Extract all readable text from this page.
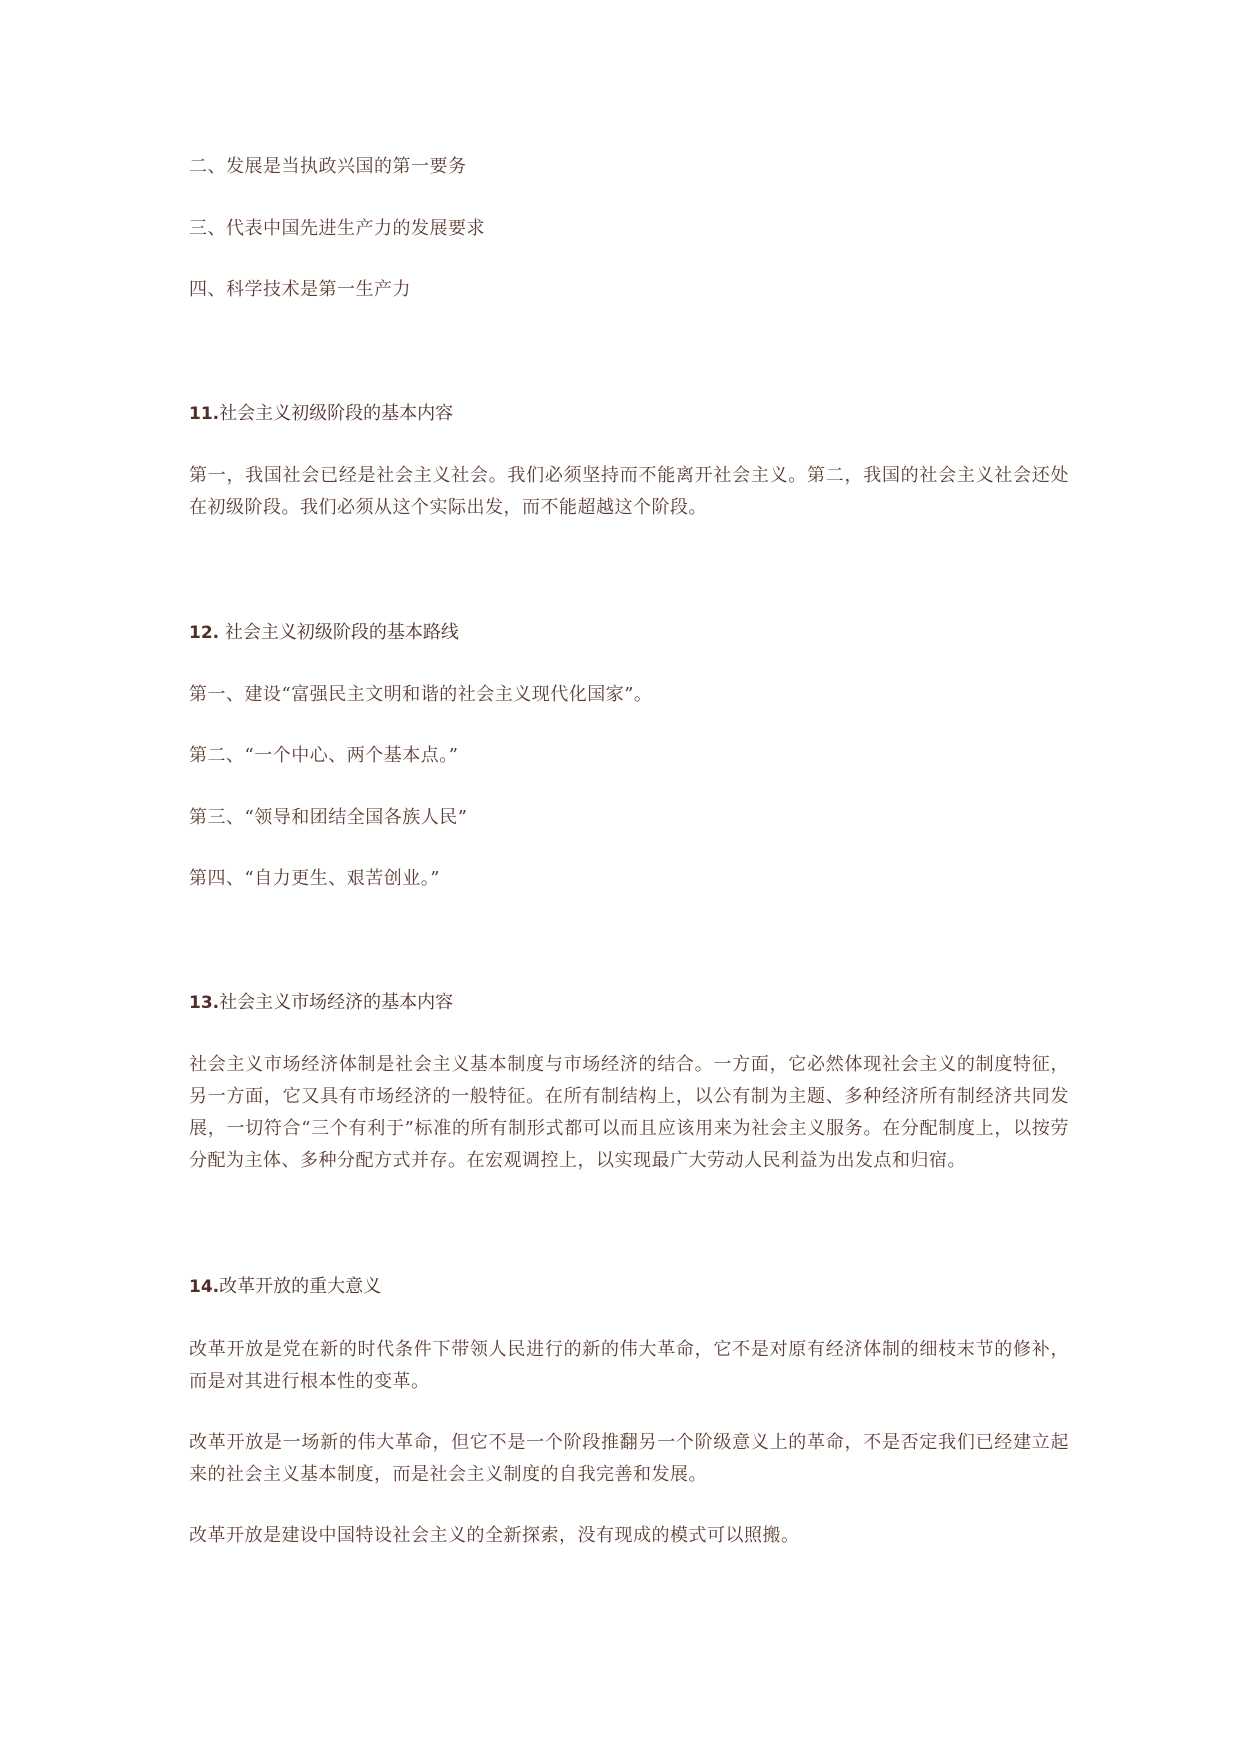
二、发展是当执政兴国的第一要务
三、代表中国先进生产力的发展要求
四、科学技术是第一生产力
11.社会主义初级阶段的基本内容
第一，我国社会已经是社会主义社会。我们必须坚持而不能离开社会主义。第二，我国的社会主义社会还处在初级阶段。我们必须从这个实际出发，而不能超越这个阶段。
12. 社会主义初级阶段的基本路线
第一、建设“富强民主文明和谐的社会主义现代化国家”。
第二、“一个中心、两个基本点。”
第三、“领导和团结全国各族人民”
第四、“自力更生、艰苦创业。”
13.社会主义市场经济的基本内容
社会主义市场经济体制是社会主义基本制度与市场经济的结合。一方面，它必然体现社会主义的制度特征，另一方面，它又具有市场经济的一般特征。在所有制结构上，以公有制为主题、多种经济所有制经济共同发展，一切符合“三个有利于”标准的所有制形式都可以而且应该用来为社会主义服务。在分配制度上，以按劳分配为主体、多种分配方式并存。在宏观调控上，以实现最广大劳动人民利益为出发点和归宿。
14.改革开放的重大意义
改革开放是党在新的时代条件下带领人民进行的新的伟大革命，它不是对原有经济体制的细枝末节的修补，而是对其进行根本性的变革。
改革开放是一场新的伟大革命，但它不是一个阶段推翻另一个阶级意义上的革命，不是否定我们已经建立起来的社会主义基本制度，而是社会主义制度的自我完善和发展。
改革开放是建设中国特设社会主义的全新探索，没有现成的模式可以照搬。
